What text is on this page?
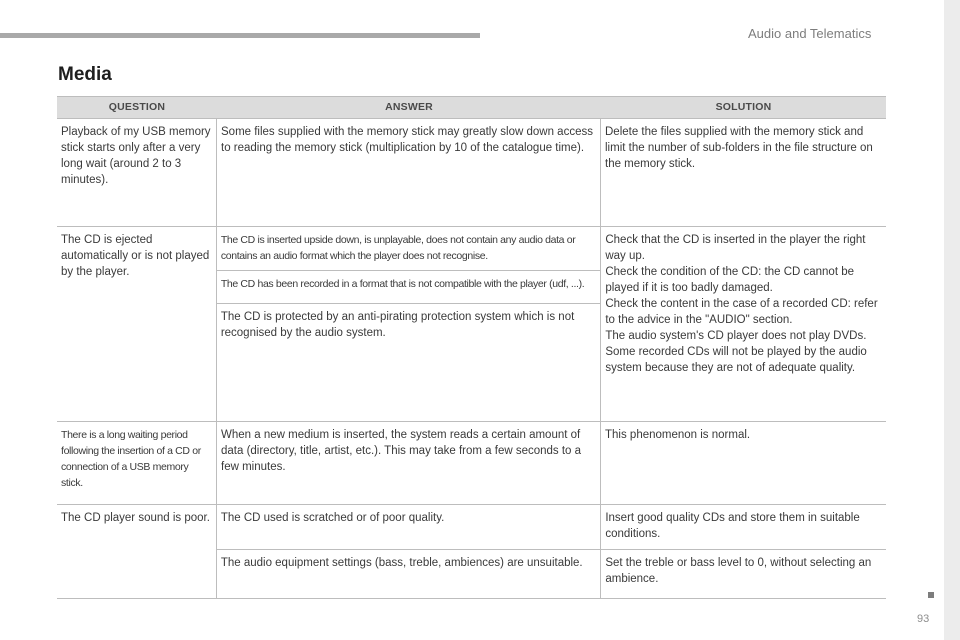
Audio and Telematics
Media
QUESTION	ANSWER	SOLUTION
Playback of my USB memory stick starts only after a very long wait (around 2 to 3 minutes).
Some files supplied with the memory stick may greatly slow down access to reading the memory stick (multiplication by 10 of the catalogue time).
Delete the files supplied with the memory stick and limit the number of sub-folders in the file structure on the memory stick.
The CD is ejected automatically or is not played by the player.
The CD is inserted upside down, is unplayable, does not contain any audio data or contains an audio format which the player does not recognise.
The CD has been recorded in a format that is not compatible with the player (udf, ...).
The CD is protected by an anti-pirating protection system which is not recognised by the audio system.
Check that the CD is inserted in the player the right way up.
Check the condition of the CD: the CD cannot be played if it is too badly damaged.
Check the content in the case of a recorded CD: refer to the advice in the "AUDIO" section.
The audio system's CD player does not play DVDs.
Some recorded CDs will not be played by the audio system because they are not of adequate quality.
There is a long waiting period following the insertion of a CD or connection of a USB memory stick.
When a new medium is inserted, the system reads a certain amount of data (directory, title, artist, etc.). This may take from a few seconds to a few minutes.
This phenomenon is normal.
The CD player sound is poor. The CD used is scratched or of poor quality.
The audio equipment settings (bass, treble, ambiences) are unsuitable.
Insert good quality CDs and store them in suitable conditions.
Set the treble or bass level to 0, without selecting an ambience.
93
